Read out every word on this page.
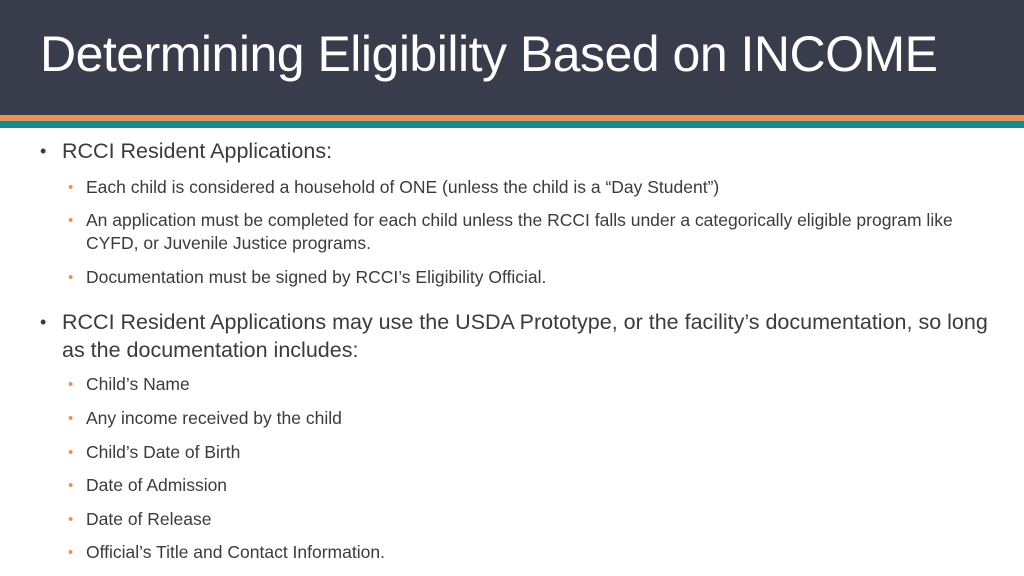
Determining Eligibility Based on INCOME
• RCCI Resident Applications:
• Each child is considered a household of ONE (unless the child is a “Day Student”)
• An application must be completed for each child unless the RCCI falls under a categorically eligible program like CYFD, or Juvenile Justice programs.
• Documentation must be signed by RCCI’s Eligibility Official.
• RCCI Resident Applications may use the USDA Prototype, or the facility’s documentation, so long as the documentation includes:
• Child’s Name
• Any income received by the child
• Child’s Date of Birth
• Date of Admission
• Date of Release
• Official’s Title and Contact Information.
